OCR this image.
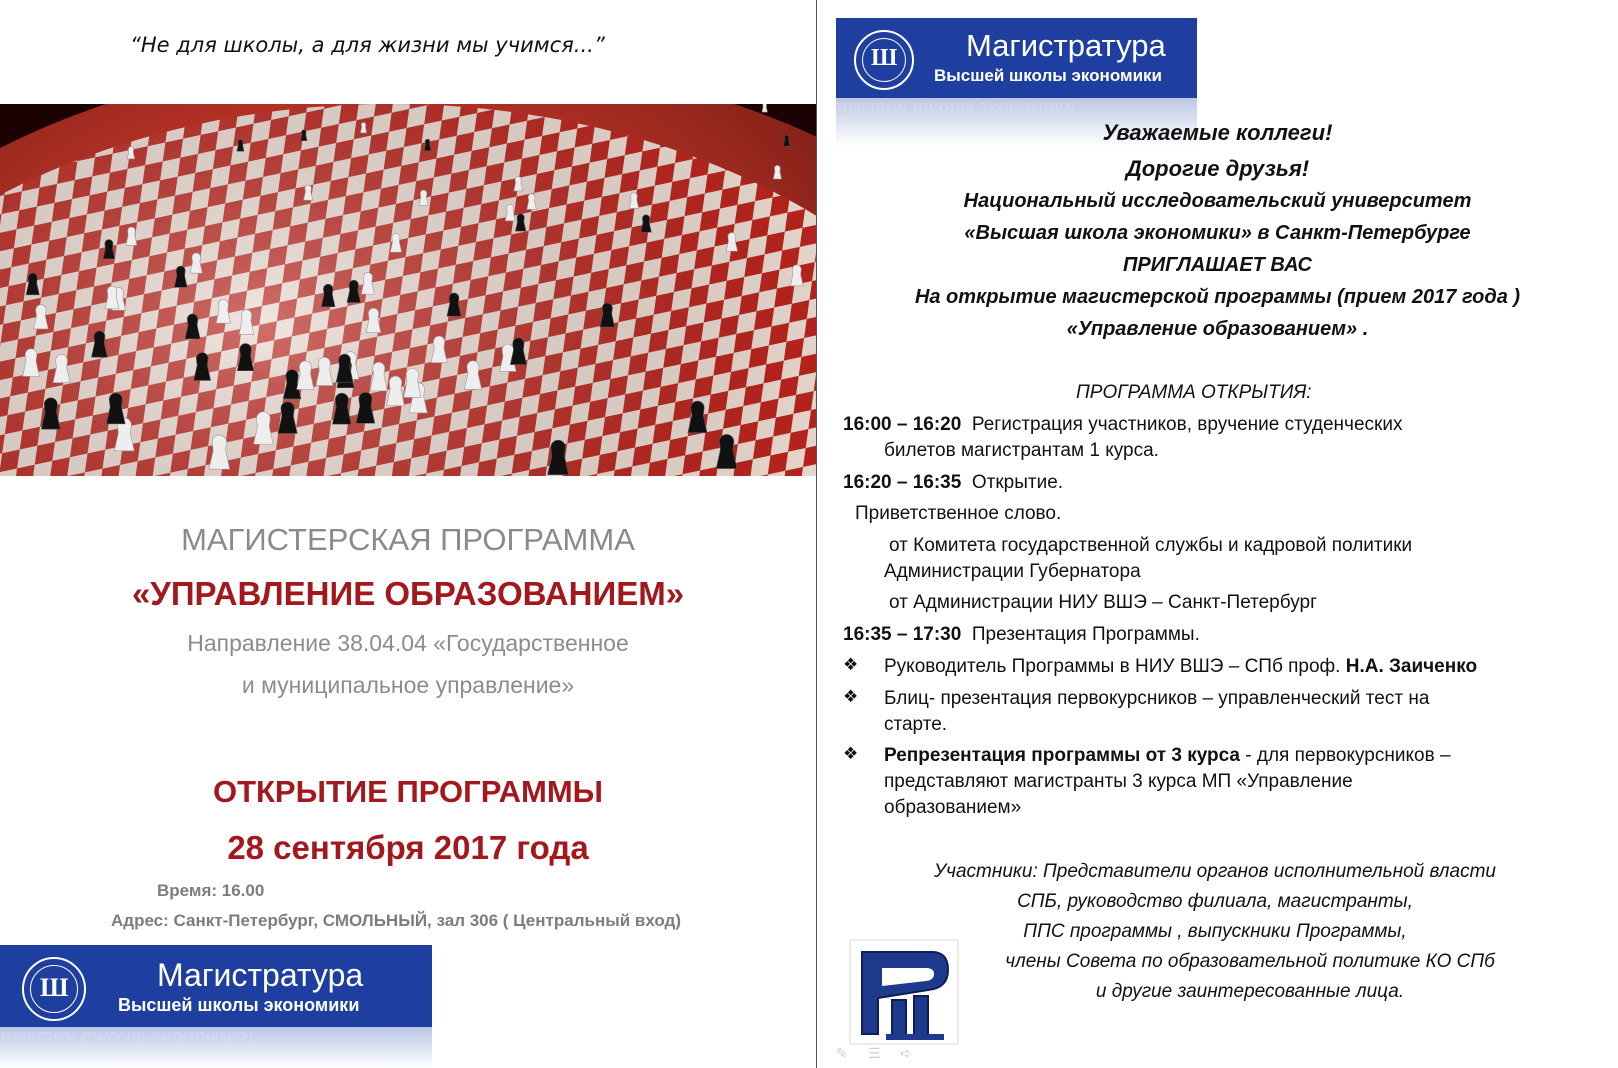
“Не для школы, а для жизни мы учимся...”
МАГИСТЕРСКАЯ ПРОГРАММА
«УПРАВЛЕНИЕ ОБРАЗОВАНИЕМ»
Направление 38.04.04 «Государственное
и муниципальное управление»
ОТКРЫТИЕ ПРОГРАММЫ
28 сентября 2017 года
Время: 16.00
Адрес: Санкт-Петербург, СМОЛЬНЫЙ, зал 306 ( Центральный вход)
Ш	Магистратура
Высшей школы экономики
Высшей школы экономики
Ш Магистратура
Высшей школы экономики
Высшей школы экономики
Уважаемые коллеги!
Дорогие друзья!
Национальный исследовательский университет
«Высшая школа экономики» в Санкт-Петербурге
ПРИГЛАШАЕТ ВАС
На открытие магистерской программы (прием 2017 года )
«Управление образованием» .
ПРОГРАММА ОТКРЫТИЯ:
16:00 – 16:20 Регистрация участников, вручение студенческих
билетов магистрантам 1 курса.
16:20 – 16:35 Открытие.
Приветственное слово.
от Комитета государственной службы и кадровой политики
Администрации Губернатора
от Администрации НИУ ВШЭ – Санкт-Петербург
16:35 – 17:30 Презентация Программы.
❖ Руководитель Программы в НИУ ВШЭ – СПб проф. Н.А. Заиченко
❖ Блиц- презентация первокурсников – управленческий тест на
старте.
❖ Репрезентация программы от 3 курса - для первокурсников –
представляют магистранты 3 курса МП «Управление
образованием»
Участники: Представители органов исполнительной власти
СПБ, руководство филиала, магистранты,
ППС программы , выпускники Программы,
члены Совета по образовательной политике КО СПб
и другие заинтересованные лица.
✎ ☰ ➪
